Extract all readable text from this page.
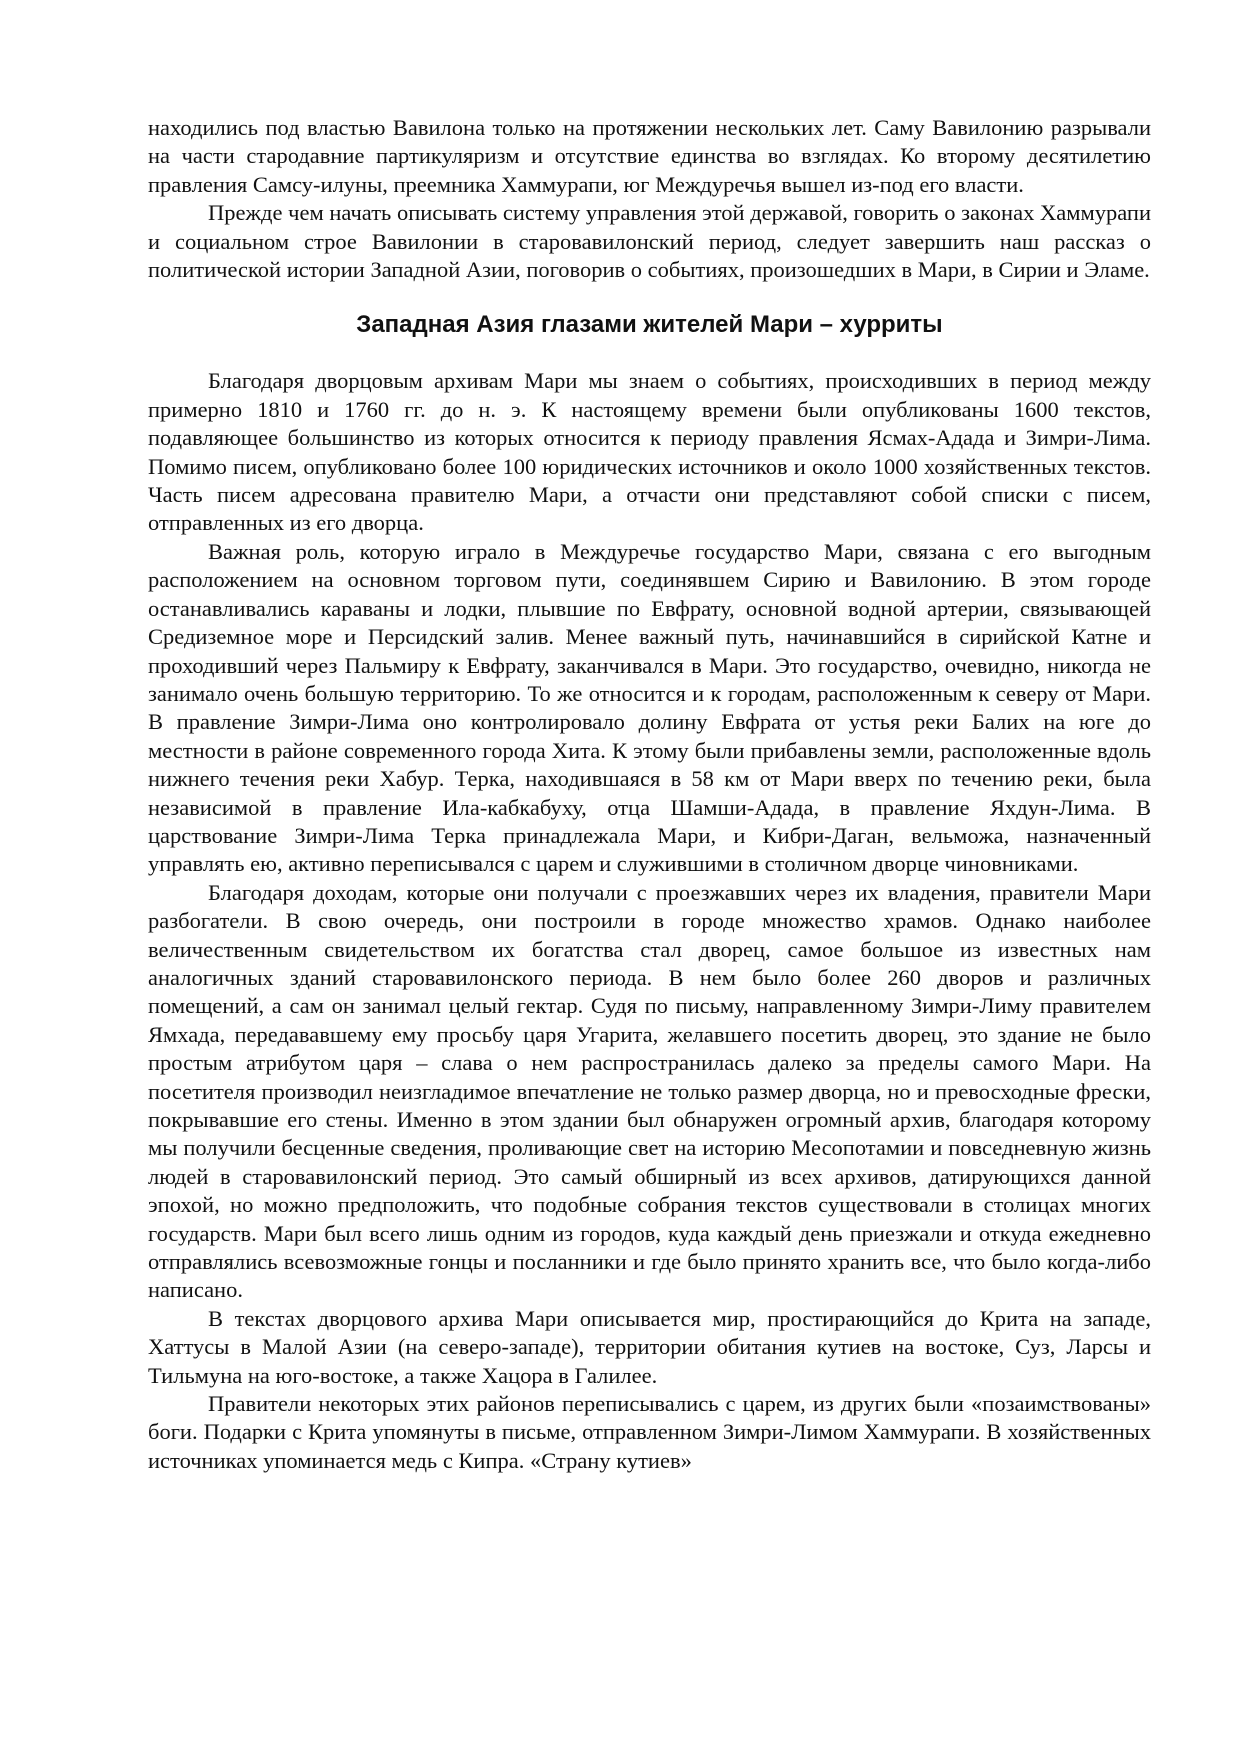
находились под властью Вавилона только на протяжении нескольких лет. Саму Вавилонию разрывали на части стародавние партикуляризм и отсутствие единства во взглядах. Ко второму десятилетию правления Самсу-илуны, преемника Хаммурапи, юг Междуречья вышел из-под его власти.

Прежде чем начать описывать систему управления этой державой, говорить о законах Хаммурапи и социальном строе Вавилонии в старовавилонский период, следует завершить наш рассказ о политической истории Западной Азии, поговорив о событиях, произошедших в Мари, в Сирии и Эламе.

Западная Азия глазами жителей Мари – хурриты

Благодаря дворцовым архивам Мари мы знаем о событиях, происходивших в период между примерно 1810 и 1760 гг. до н. э. К настоящему времени были опубликованы 1600 текстов, подавляющее большинство из которых относится к периоду правления Ясмах-Адада и Зимри-Лима. Помимо писем, опубликовано более 100 юридических источников и около 1000 хозяйственных текстов. Часть писем адресована правителю Мари, а отчасти они представляют собой списки с писем, отправленных из его дворца.

Важная роль, которую играло в Междуречье государство Мари, связана с его выгодным расположением на основном торговом пути, соединявшем Сирию и Вавилонию. В этом городе останавливались караваны и лодки, плывшие по Евфрату, основной водной артерии, связывающей Средиземное море и Персидский залив. Менее важный путь, начинавшийся в сирийской Катне и проходивший через Пальмиру к Евфрату, заканчивался в Мари. Это государство, очевидно, никогда не занимало очень большую территорию. То же относится и к городам, расположенным к северу от Мари. В правление Зимри-Лима оно контролировало долину Евфрата от устья реки Балих на юге до местности в районе современного города Хита. К этому были прибавлены земли, расположенные вдоль нижнего течения реки Хабур. Терка, находившаяся в 58 км от Мари вверх по течению реки, была независимой в правление Ила-кабкабуху, отца Шамши-Адада, в правление Яхдун-Лима. В царствование Зимри-Лима Терка принадлежала Мари, и Кибри-Даган, вельможа, назначенный управлять ею, активно переписывался с царем и служившими в столичном дворце чиновниками.

Благодаря доходам, которые они получали с проезжавших через их владения, правители Мари разбогатели. В свою очередь, они построили в городе множество храмов. Однако наиболее величественным свидетельством их богатства стал дворец, самое большое из известных нам аналогичных зданий старовавилонского периода. В нем было более 260 дворов и различных помещений, а сам он занимал целый гектар. Судя по письму, направленному Зимри-Лиму правителем Ямхада, передававшему ему просьбу царя Угарита, желавшего посетить дворец, это здание не было простым атрибутом царя – слава о нем распространилась далеко за пределы самого Мари. На посетителя производил неизгладимое впечатление не только размер дворца, но и превосходные фрески, покрывавшие его стены. Именно в этом здании был обнаружен огромный архив, благодаря которому мы получили бесценные сведения, проливающие свет на историю Месопотамии и повседневную жизнь людей в старовавилонский период. Это самый обширный из всех архивов, датирующихся данной эпохой, но можно предположить, что подобные собрания текстов существовали в столицах многих государств. Мари был всего лишь одним из городов, куда каждый день приезжали и откуда ежедневно отправлялись всевозможные гонцы и посланники и где было принято хранить все, что было когда-либо написано.

В текстах дворцового архива Мари описывается мир, простирающийся до Крита на западе, Хаттусы в Малой Азии (на северо-западе), территории обитания кутиев на востоке, Суз, Ларсы и Тильмуна на юго-востоке, а также Хацора в Галилее.

Правители некоторых этих районов переписывались с царем, из других были «позаимствованы» боги. Подарки с Крита упомянуты в письме, отправленном Зимри-Лимом Хаммурапи. В хозяйственных источниках упоминается медь с Кипра. «Страну кутиев»
